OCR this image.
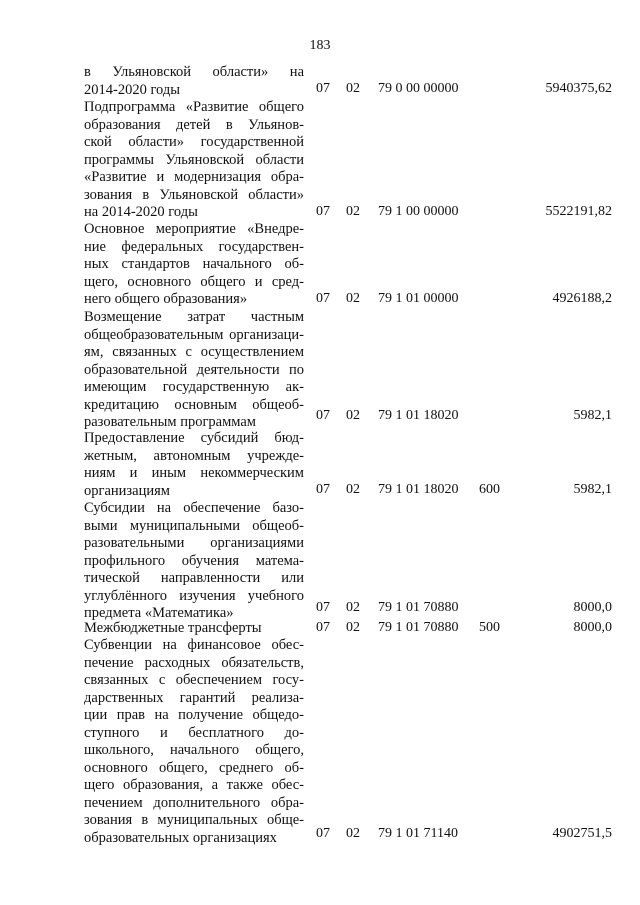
183
в Ульяновской области» на
2014-2020 годы	07 02 79 0 00 00000	5940375,62
Подпрограмма «Развитие общего
образования детей в Ульянов-
ской области» государственной
программы Ульяновской области
«Развитие и модернизация обра-
зования в Ульяновской области»
на 2014-2020 годы	07 02 79 1 00 00000	5522191,82
Основное мероприятие «Внедре-
ние федеральных государствен-
ных стандартов начального об-
щего, основного общего и сред-
него общего образования»	07 02 79 1 01 00000	4926188,2
Возмещение затрат частным
общеобразовательным организаци-
ям, связанных с осуществлением
образовательной деятельности по
имеющим государственную ак-
кредитацию основным общеоб-
разовательным программам	07 02 79 1 01 18020	5982,1
Предоставление субсидий бюд-
жетным, автономным учрежде-
ниям и иным некоммерческим
организациям	07 02 79 1 01 18020 600	5982,1
Субсидии на обеспечение базо-
выми муниципальными общеоб-
разовательными организациями
профильного обучения матема-
тической направленности или
углублённого изучения учебного
предмета «Математика»	07 02 79 1 01 70880	8000,0
Межбюджетные трансферты	07 02 79 1 01 70880 500	8000,0
Субвенции на финансовое обес-
печение расходных обязательств,
связанных с обеспечением госу-
дарственных гарантий реализа-
ции прав на получение общедо-
ступного и бесплатного до-
школьного, начального общего,
основного общего, среднего об-
щего образования, а также обес-
печением дополнительного обра-
зования в муниципальных обще-
образовательных организациях	07 02 79 1 01 71140	4902751,5
